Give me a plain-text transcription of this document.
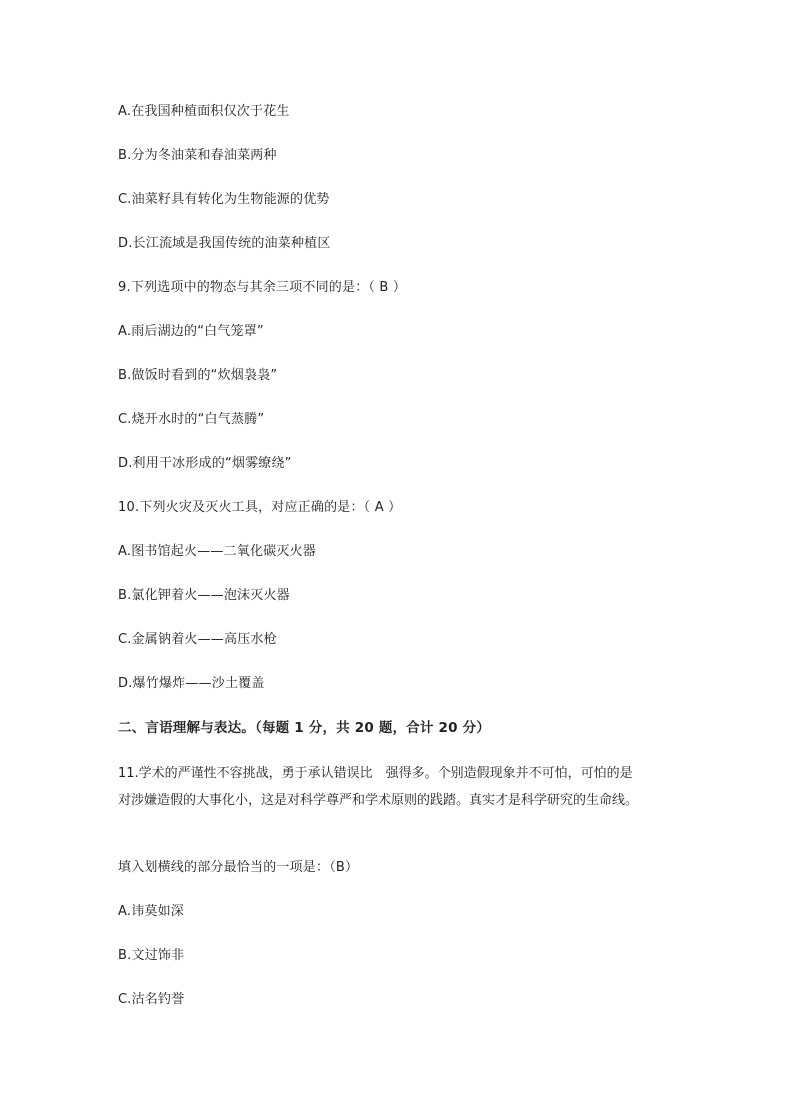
A.在我国种植面积仅次于花生
B.分为冬油菜和春油菜两种
C.油菜籽具有转化为生物能源的优势
D.长江流域是我国传统的油菜种植区
9.下列选项中的物态与其余三项不同的是：（ B ）
A.雨后湖边的“白气笼罩”
B.做饭时看到的“炊烟袅袅”
C.烧开水时的“白气蒸腾”
D.利用干冰形成的“烟雾缭绕”
10.下列火灾及灭火工具，对应正确的是：（ A ）
A.图书馆起火——二氧化碳灭火器
B.氯化钾着火——泡沫灭火器
C.金属钠着火——高压水枪
D.爆竹爆炸——沙土覆盖
二、言语理解与表达。（每题 1 分，共 20 题，合计 20 分）
11.学术的严谨性不容挑战，勇于承认错误比　强得多。个别造假现象并不可怕，可怕的是
对涉嫌造假的大事化小，这是对科学尊严和学术原则的践踏。真实才是科学研究的生命线。
填入划横线的部分最恰当的一项是：（B）
A.讳莫如深
B.文过饰非
C.沽名钓誉
